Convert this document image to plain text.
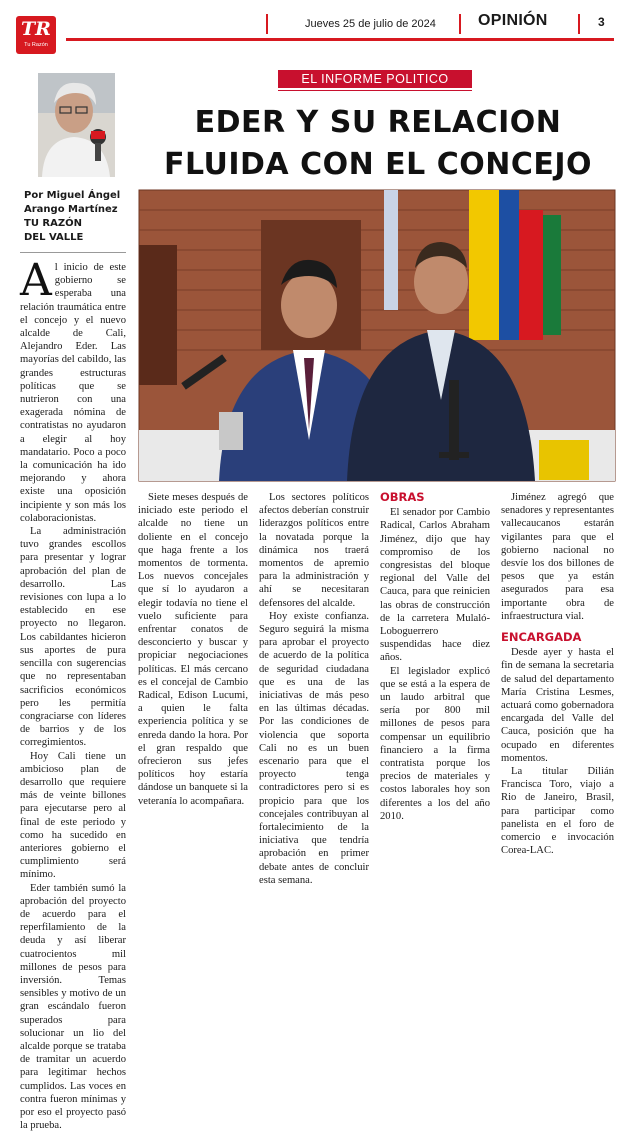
TR
Tu Razón
Jueves 25 de julio de 2024	OPINIÓN	3
Por Miguel Ángel
Arango Martínez
TU RAZÓN
DEL VALLE
EL INFORME POLITICO
EDER Y SU RELACION
FLUIDA CON EL CONCEJO

Al inicio de este gobierno se esperaba una relación traumática entre el concejo y el nuevo alcalde de Cali, Alejandro Eder. Las mayorías del cabildo, las grandes estructuras políticas que se nutrieron con una exagerada nómina de contratistas no ayudaron a elegir al hoy mandatario. Poco a poco la comunicación ha ido mejorando y ahora existe una oposición incipiente y son más los colaboracionistas.

La administración tuvo grandes escollos para presentar y lograr aprobación del plan de desarrollo. Las revisiones con lupa a lo establecido en ese proyecto no llegaron. Los cabildantes hicieron sus aportes de pura sencilla con sugerencias que no representaban sacrificios económicos pero les permitía congraciarse con líderes de barrios y de los corregimientos.

Hoy Cali tiene un ambicioso plan de desarrollo que requiere más de veinte billones para ejecutarse pero al final de este periodo y como ha sucedido en anteriores gobierno el cumplimiento será mínimo.

Eder también sumó la aprobación del proyecto de acuerdo para el reperfilamiento de la deuda y así liberar cuatrocientos mil millones de pesos para inversión. Temas sensibles y motivo de un gran escándalo fueron superados para solucionar un lio del alcalde porque se trataba de tramitar un acuerdo para legitimar hechos cumplidos. Las voces en contra fueron mínimas y por eso el proyecto pasó la prueba.

Siete meses después de iniciado este periodo el alcalde no tiene un doliente en el concejo que haga frente a los momentos de tormenta. Los nuevos concejales que sí lo ayudaron a elegir todavía no tiene el vuelo suficiente para enfrentar conatos de desconcierto y buscar y propiciar negociaciones políticas. El más cercano es el concejal de Cambio Radical, Edison Lucumi, a quien le falta experiencia política y se enreda dando la hora. Por el gran respaldo que ofrecieron sus jefes políticos hoy estaría dándose un banquete si la veteranía lo acompañara.

Los sectores políticos afectos deberían construir liderazgos políticos entre la novatada porque la dinámica nos traerá momentos de apremio para la administración y ahí se necesitaran defensores del alcalde.

Hoy existe confianza. Seguro seguirá la misma para aprobar el proyecto de acuerdo de la política de seguridad ciudadana que es una de las iniciativas de más peso en las últimas décadas. Por las condiciones de violencia que soporta Cali no es un buen escenario para que el proyecto tenga contradictores pero si es propicio para que los concejales contribuyan al fortalecimiento de la iniciativa que tendría aprobación en primer debate antes de concluir esta semana.

OBRAS

El senador por Cambio Radical, Carlos Abraham Jiménez, dijo que hay compromiso de los congresistas del bloque regional del Valle del Cauca, para que reinicien las obras de construcción de la carretera Mulaló-Loboguerrero suspendidas hace diez años.

El legislador explicó que se está a la espera de un laudo arbitral que sería por 800 mil millones de pesos para compensar un equilibrio financiero a la firma contratista porque los precios de materiales y costos laborales hoy son diferentes a los del año 2010.

Jiménez agregó que senadores y representantes vallecaucanos estarán vigilantes para que el gobierno nacional no desvíe los dos billones de pesos que ya están asegurados para esa importante obra de infraestructura vial.

ENCARGADA

Desde ayer y hasta el fin de semana la secretaria de salud del departamento María Cristina Lesmes, actuará como gobernadora encargada del Valle del Cauca, posición que ha ocupado en diferentes momentos.

La titular Dilián Francisca Toro, viajo a Rio de Janeiro, Brasil, para participar como panelista en el foro de comercio e invocación Corea-LAC.
